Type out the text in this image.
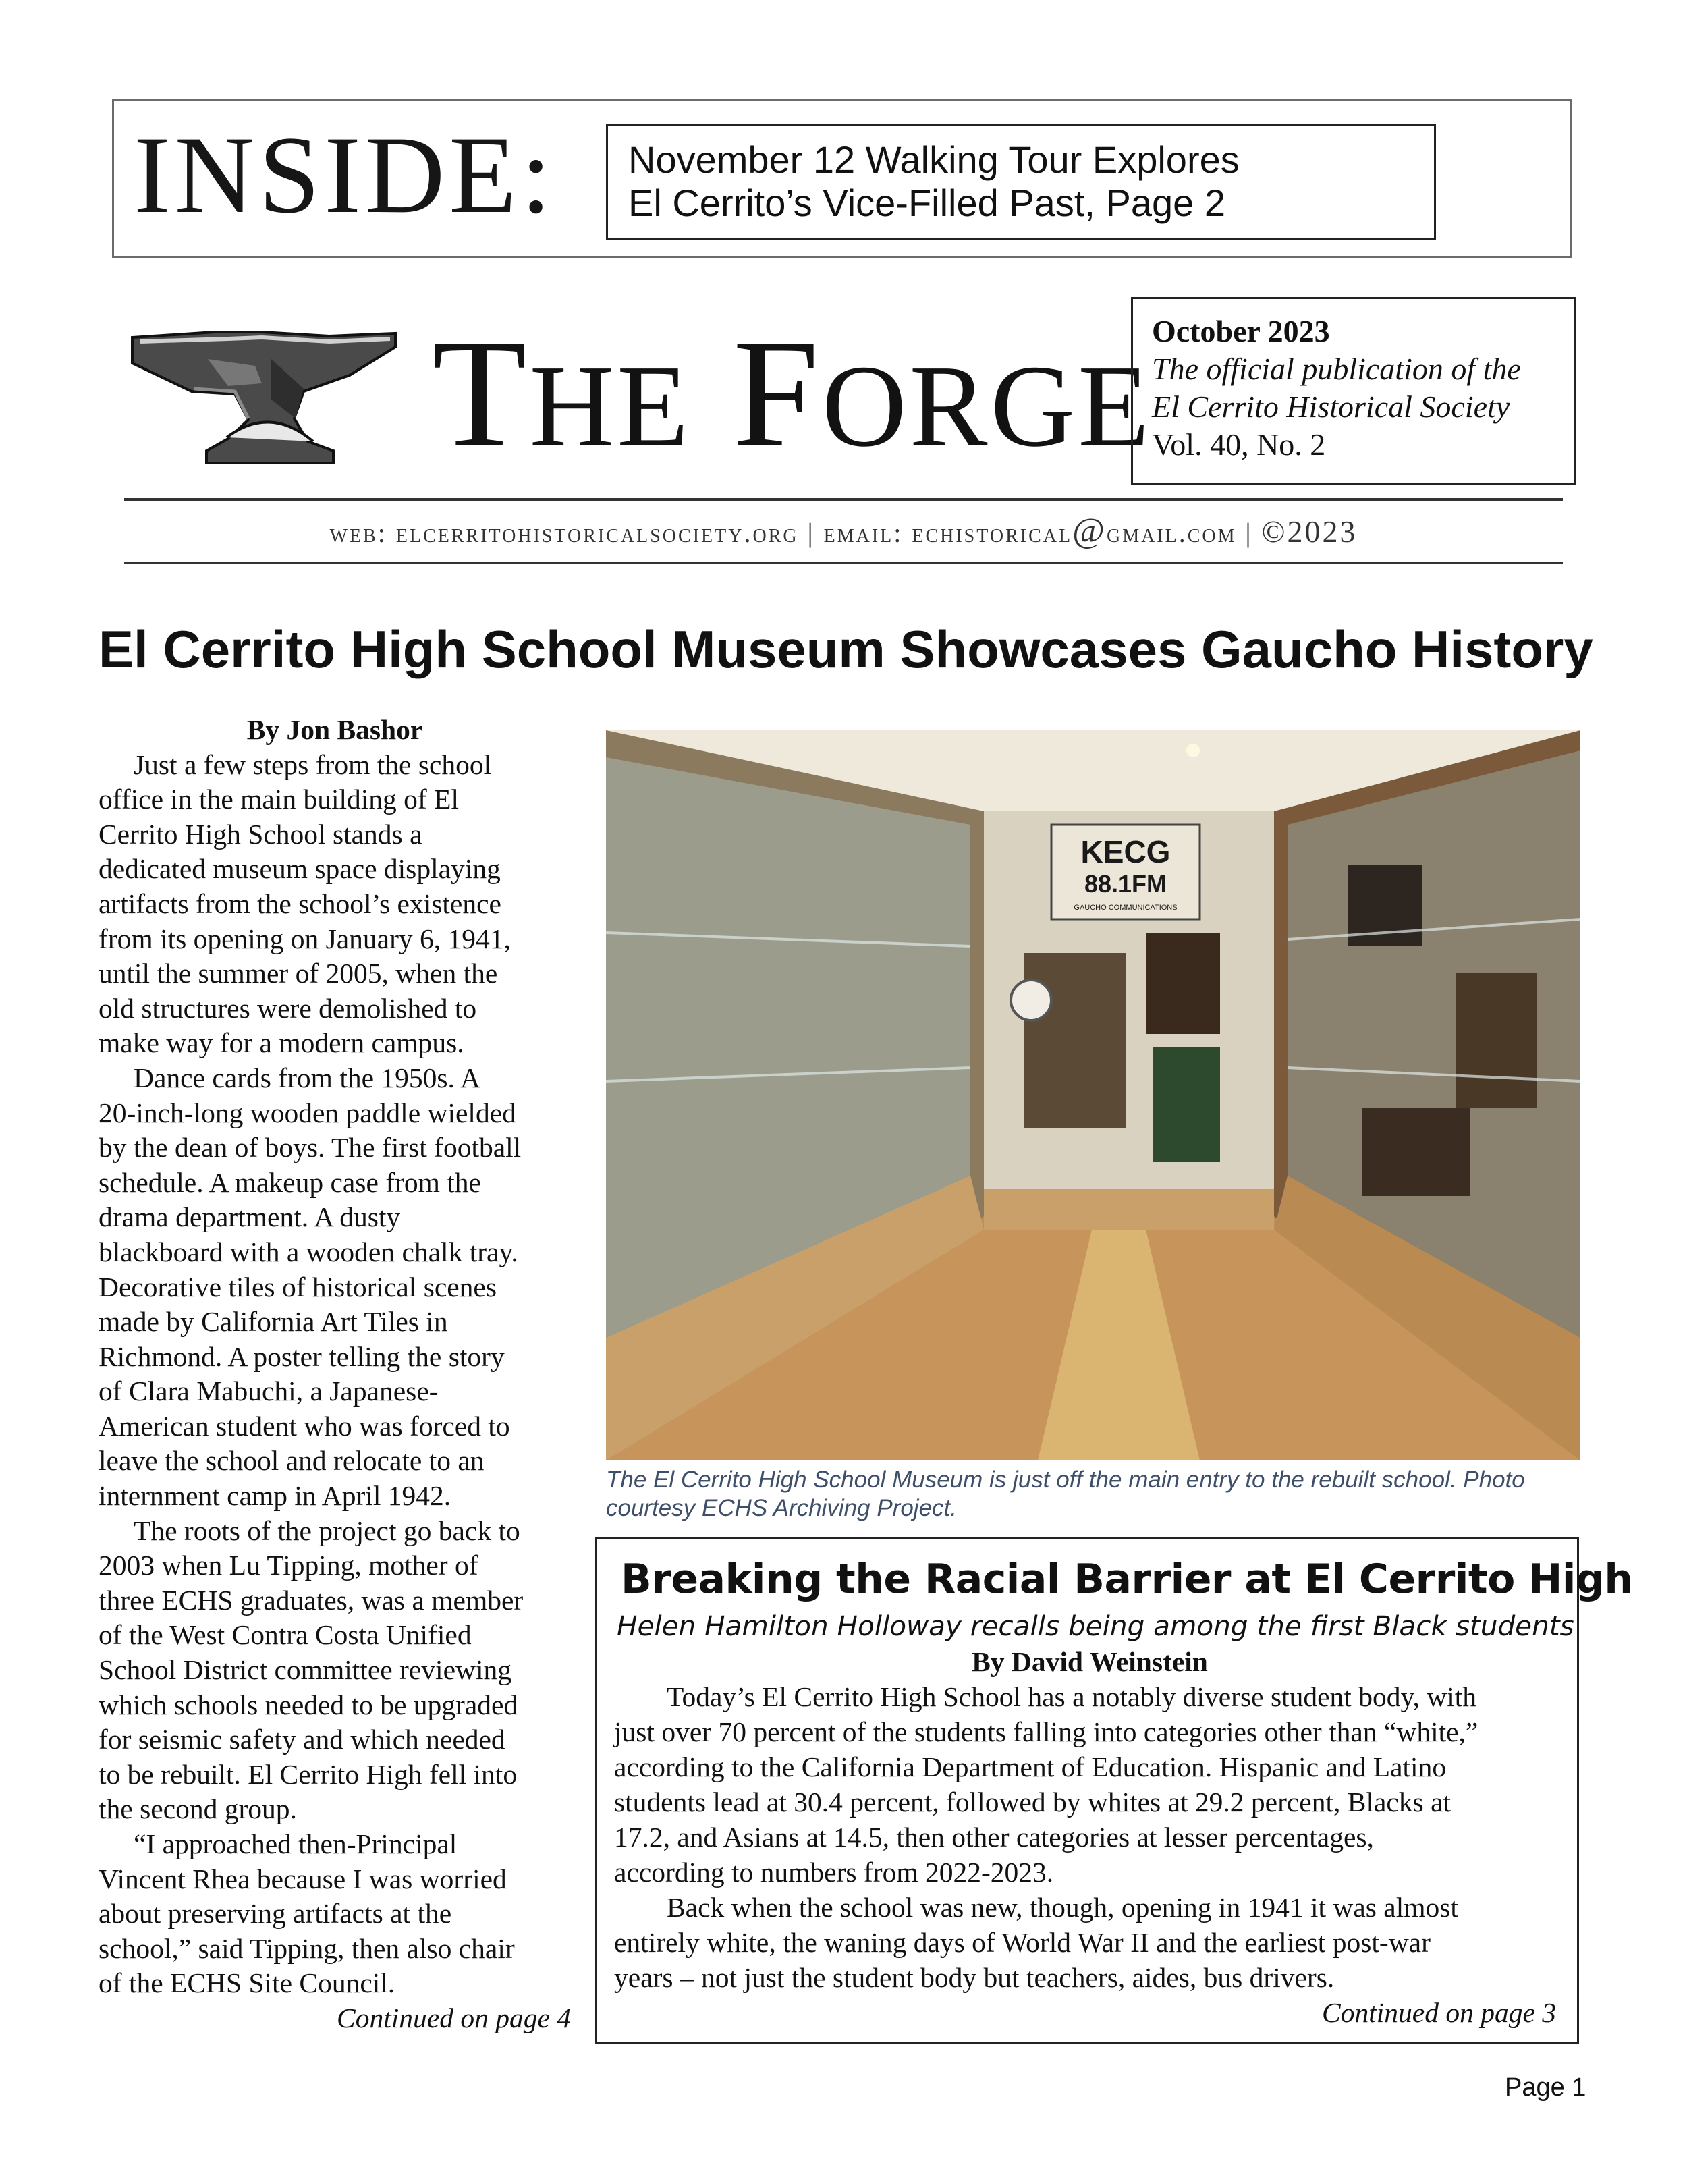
INSIDE: November 12 Walking Tour Explores
El Cerrito’s Vice-Filled Past, Page 2
THE FORGE
October 2023
The official publication of the
El Cerrito Historical Society
Vol. 40, No. 2
web: elcerritohistoricalsociety.org | email: echistorical@gmail.com | ©2023
El Cerrito High School Museum Showcases Gaucho History

By Jon Bashor

Just a few steps from the school
office in the main building of El
Cerrito High School stands a
dedicated museum space displaying
artifacts from the school’s existence
from its opening on January 6, 1941,
until the summer of 2005, when the
old structures were demolished to
make way for a modern campus.

Dance cards from the 1950s. A
20-inch-long wooden paddle wielded
by the dean of boys. The first football
schedule. A makeup case from the
drama department. A dusty
blackboard with a wooden chalk tray.
Decorative tiles of historical scenes
made by California Art Tiles in
Richmond. A poster telling the story
of Clara Mabuchi, a Japanese-
American student who was forced to
leave the school and relocate to an
internment camp in April 1942.

The roots of the project go back to
2003 when Lu Tipping, mother of
three ECHS graduates, was a member
of the West Contra Costa Unified
School District committee reviewing
which schools needed to be upgraded
for seismic safety and which needed
to be rebuilt. El Cerrito High fell into
the second group.

“I approached then-Principal
Vincent Rhea because I was worried
about preserving artifacts at the
school,” said Tipping, then also chair
of the ECHS Site Council.

Continued on page 4

KECG
88.1FM
GAUCHO COMMUNICATIONS
The El Cerrito High School Museum is just off the main entry to the rebuilt school. Photo courtesy ECHS Archiving Project.
Breaking the Racial Barrier at El Cerrito High
Helen Hamilton Holloway recalls being among the first Black students

By David Weinstein

Today’s El Cerrito High School has a notably diverse student body, with
just over 70 percent of the students falling into categories other than “white,”
according to the California Department of Education. Hispanic and Latino
students lead at 30.4 percent, followed by whites at 29.2 percent, Blacks at
17.2, and Asians at 14.5, then other categories at lesser percentages,
according to numbers from 2022-2023.

Back when the school was new, though, opening in 1941 it was almost
entirely white, the waning days of World War II and the earliest post-war
years – not just the student body but teachers, aides, bus drivers.

Continued on page 3

Page 1
